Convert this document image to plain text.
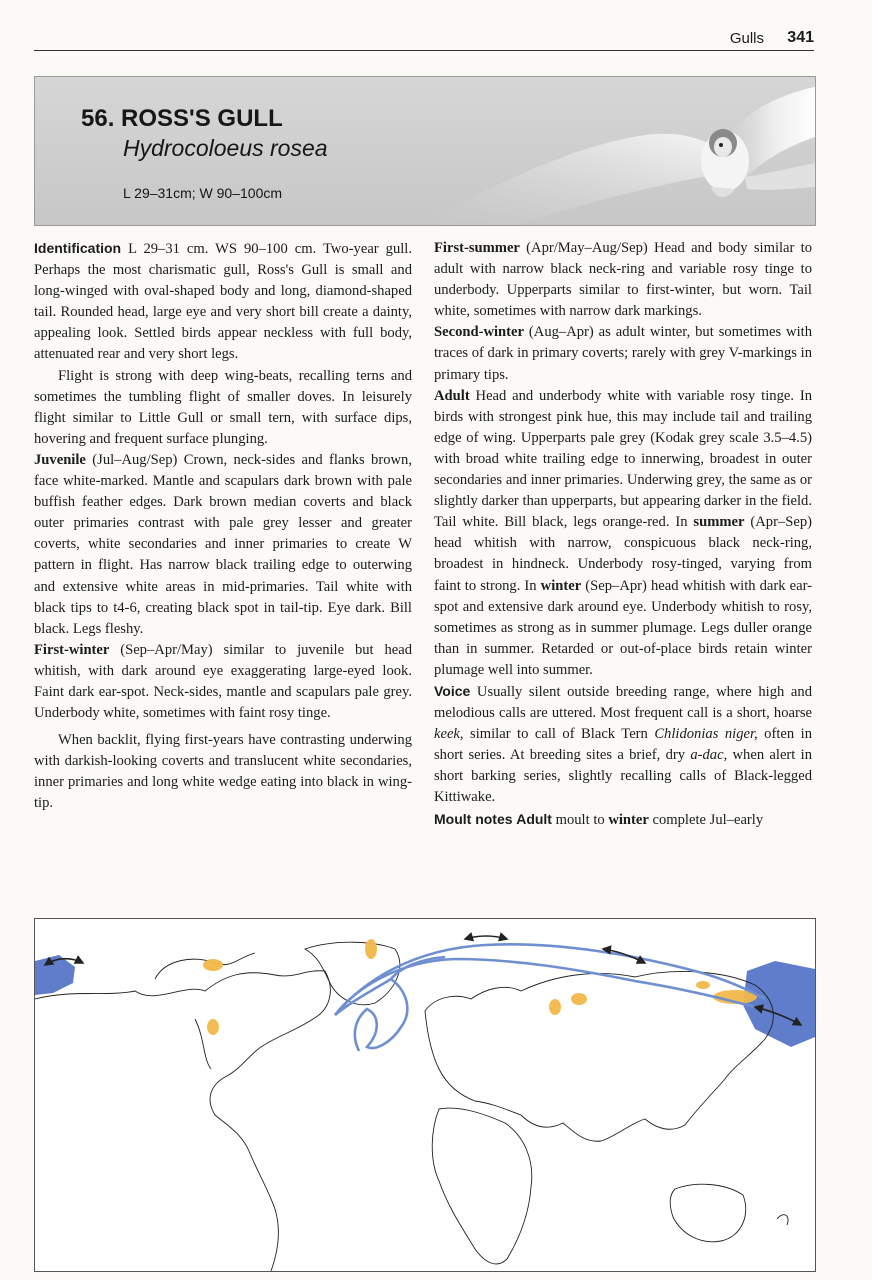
Gulls 341
56. ROSS'S GULL
Hydrocoloeus rosea
L 29–31cm; W 90–100cm

Identification L 29–31 cm. WS 90–100 cm. Two-year gull. Perhaps the most charismatic gull, Ross's Gull is small and long-winged with oval-shaped body and long, diamond-shaped tail. Rounded head, large eye and very short bill create a dainty, appealing look. Settled birds appear neckless with full body, attenuated rear and very short legs.

Flight is strong with deep wing-beats, recalling terns and sometimes the tumbling flight of smaller doves. In leisurely flight similar to Little Gull or small tern, with surface dips, hovering and frequent surface plunging.

Juvenile (Jul–Aug/Sep) Crown, neck-sides and flanks brown, face white-marked. Mantle and scapulars dark brown with pale buffish feather edges. Dark brown median coverts and black outer primaries contrast with pale grey lesser and greater coverts, white secondaries and inner primaries to create W pattern in flight. Has narrow black trailing edge to outerwing and extensive white areas in mid-primaries. Tail white with black tips to t4-6, creating black spot in tail-tip. Eye dark. Bill black. Legs fleshy.

First-winter (Sep–Apr/May) similar to juvenile but head whitish, with dark around eye exaggerating large-eyed look. Faint dark ear-spot. Neck-sides, mantle and scapulars pale grey. Underbody white, sometimes with faint rosy tinge.

When backlit, flying first-years have contrasting underwing with darkish-looking coverts and translucent white secondaries, inner primaries and long white wedge eating into black in wing-tip.

First-summer (Apr/May–Aug/Sep) Head and body similar to adult with narrow black neck-ring and variable rosy tinge to underbody. Upperparts similar to first-winter, but worn. Tail white, sometimes with narrow dark markings.

Second-winter (Aug–Apr) as adult winter, but sometimes with traces of dark in primary coverts; rarely with grey V-markings in primary tips.

Adult Head and underbody white with variable rosy tinge. In birds with strongest pink hue, this may include tail and trailing edge of wing. Upperparts pale grey (Kodak grey scale 3.5–4.5) with broad white trailing edge to innerwing, broadest in outer secondaries and inner primaries. Underwing grey, the same as or slightly darker than upperparts, but appearing darker in the field. Tail white. Bill black, legs orange-red. In summer (Apr–Sep) head whitish with narrow, conspicuous black neck-ring, broadest in hindneck. Underbody rosy-tinged, varying from faint to strong. In winter (Sep–Apr) head whitish with dark ear-spot and extensive dark around eye. Underbody whitish to rosy, sometimes as strong as in summer plumage. Legs duller orange than in summer. Retarded or out-of-place birds retain winter plumage well into summer.

Voice Usually silent outside breeding range, where high and melodious calls are uttered. Most frequent call is a short, hoarse keek, similar to call of Black Tern Chlidonias niger, often in short series. At breeding sites a brief, dry a-dac, when alert in short barking series, slightly recalling calls of Black-legged Kittiwake.

Moult notes Adult moult to winter complete Jul–early
